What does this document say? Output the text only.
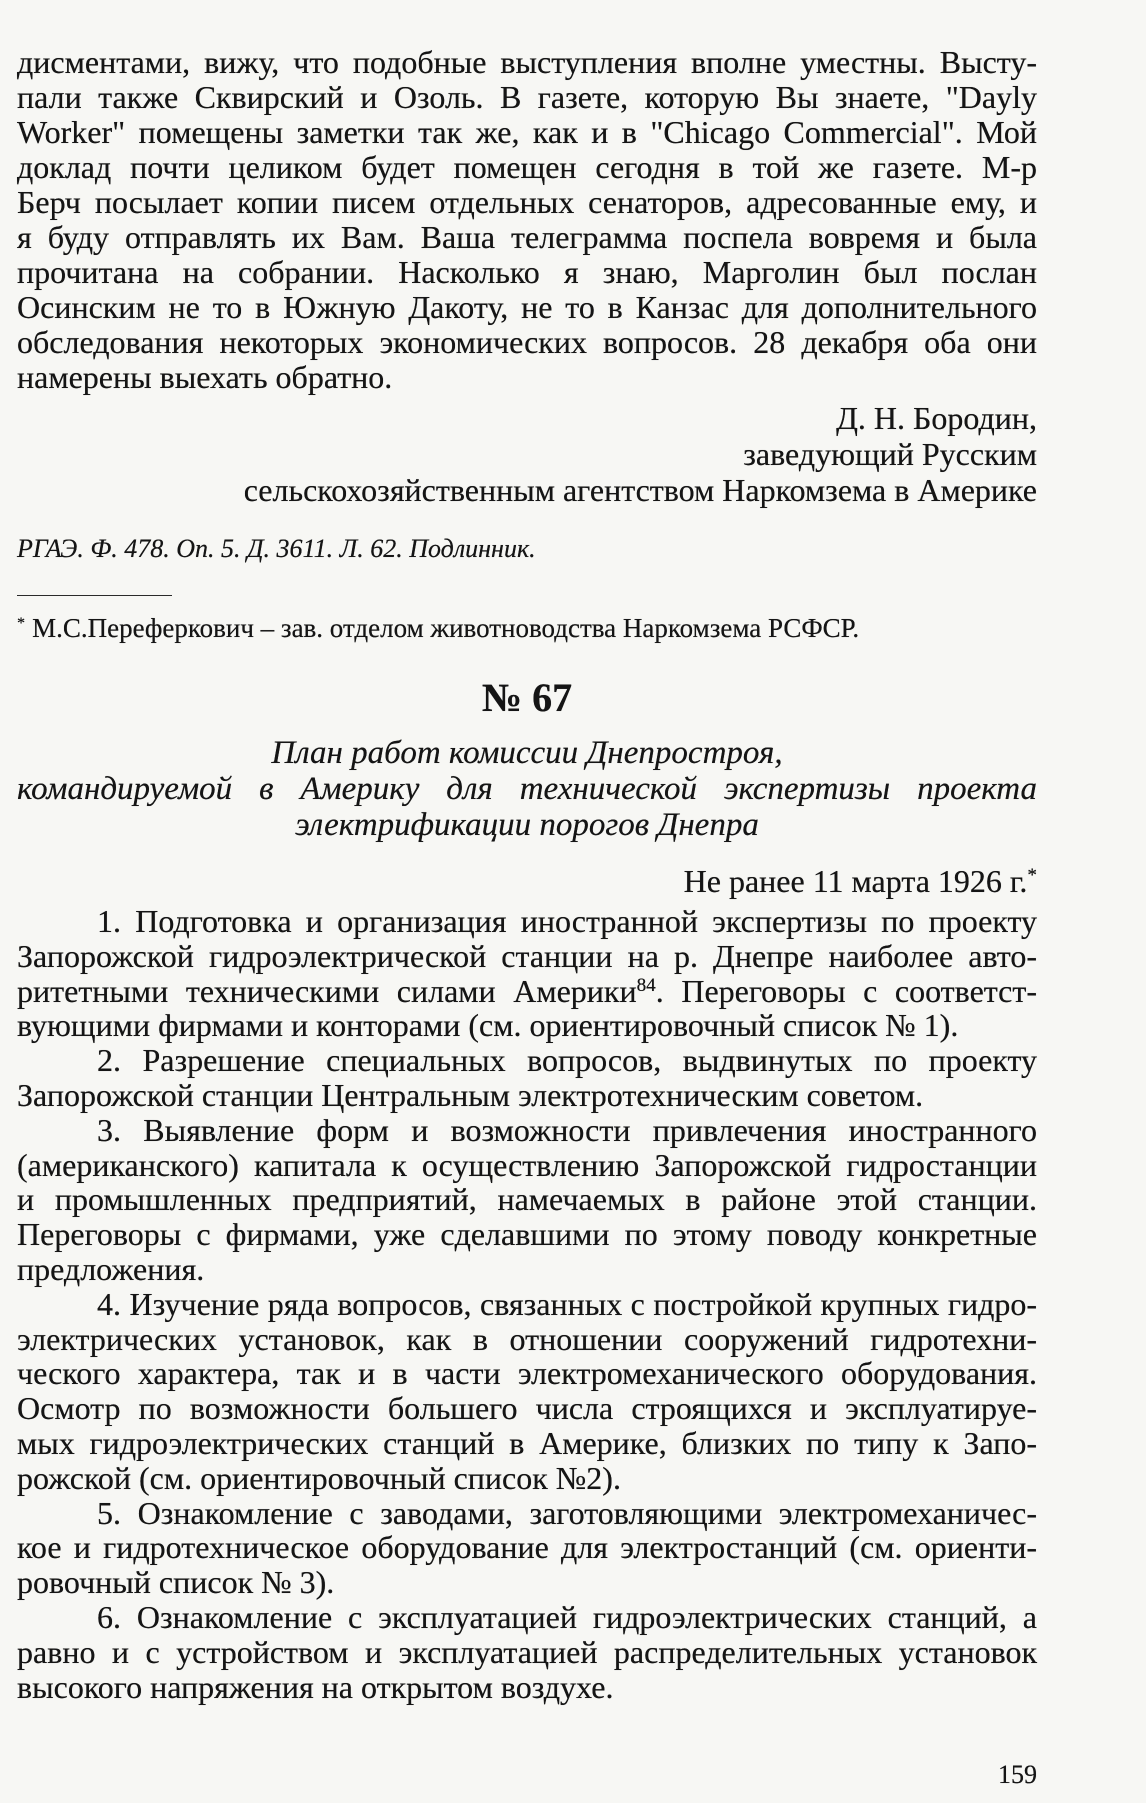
дисментами, вижу, что подобные выступления вполне уместны. Высту-
пали также Сквирский и Озоль. В газете, которую Вы знаете, "Dayly
Worker" помещены заметки так же, как и в "Chicago Commercial". Мой
доклад почти целиком будет помещен сегодня в той же газете. М-р
Берч посылает копии писем отдельных сенаторов, адресованные ему, и
я буду отправлять их Вам. Ваша телеграмма поспела вовремя и была
прочитана на собрании. Насколько я знаю, Марголин был послан
Осинским не то в Южную Дакоту, не то в Канзас для дополнительного
обследования некоторых экономических вопросов. 28 декабря оба они
намерены выехать обратно.
Д. Н. Бородин,
заведующий Русским
сельскохозяйственным агентством Наркомзема в Америке
РГАЭ. Ф. 478. Оп. 5. Д. 3611. Л. 62. Подлинник.
* М.С.Переферкович – зав. отделом животноводства Наркомзема РСФСР.
№ 67
План работ комиссии Днепростроя,
командируемой в Америку для технической экспертизы проекта
электрификации порогов Днепра
Не ранее 11 марта 1926 г.*
1. Подготовка и организация иностранной экспертизы по проекту
Запорожской гидроэлектрической станции на р. Днепре наиболее авто-
ритетными техническими силами Америки$^{84}$. Переговоры с соответст-
вующими фирмами и конторами (см. ориентировочный список № 1).
2. Разрешение специальных вопросов, выдвинутых по проекту
Запорожской станции Центральным электротехническим советом.
3. Выявление форм и возможности привлечения иностранного
(американского) капитала к осуществлению Запорожской гидростанции
и промышленных предприятий, намечаемых в районе этой станции.
Переговоры с фирмами, уже сделавшими по этому поводу конкретные
предложения.
4. Изучение ряда вопросов, связанных с постройкой крупных гидро-
электрических установок, как в отношении сооружений гидротехни-
ческого характера, так и в части электромеханического оборудования.
Осмотр по возможности большего числа строящихся и эксплуатируе-
мых гидроэлектрических станций в Америке, близких по типу к Запо-
рожской (см. ориентировочный список №2).
5. Ознакомление с заводами, заготовляющими электромеханичес-
кое и гидротехническое оборудование для электростанций (см. ориенти-
ровочный список № 3).
6. Ознакомление с эксплуатацией гидроэлектрических станций, а
равно и с устройством и эксплуатацией распределительных установок
высокого напряжения на открытом воздухе.
159
